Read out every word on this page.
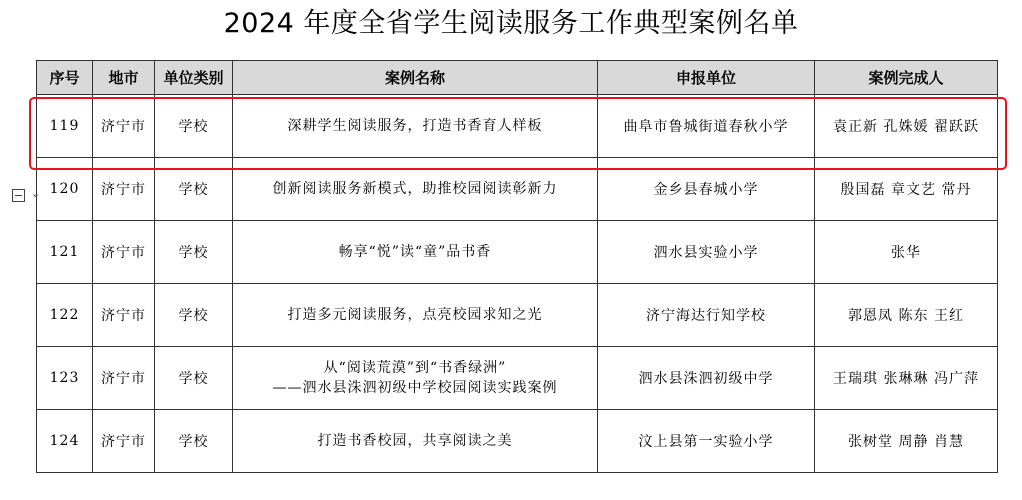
2024 年度全省学生阅读服务工作典型案例名单
序号	地市	单位类别	案例名称	申报单位	案例完成人
119	济宁市	学校	深耕学生阅读服务，打造书香育人样板	曲阜市鲁城街道春秋小学	袁正新 孔姝媛 翟跃跃
120	济宁市	学校	创新阅读服务新模式，助推校园阅读彰新力	金乡县春城小学	殷国磊 章文艺 常丹
121	济宁市	学校	畅享“悦”读“童”品书香	泗水县实验小学	张华
122	济宁市	学校	打造多元阅读服务，点亮校园求知之光	济宁海达行知学校	郭恩凤 陈东 王红
123	济宁市	学校	从“阅读荒漠”到“书香绿洲”
——泗水县洙泗初级中学校园阅读实践案例	泗水县洙泗初级中学	王瑞琪 张琳琳 冯广萍
124	济宁市	学校	打造书香校园，共享阅读之美	汶上县第一实验小学	张树堂 周静 肖慧
⌄
